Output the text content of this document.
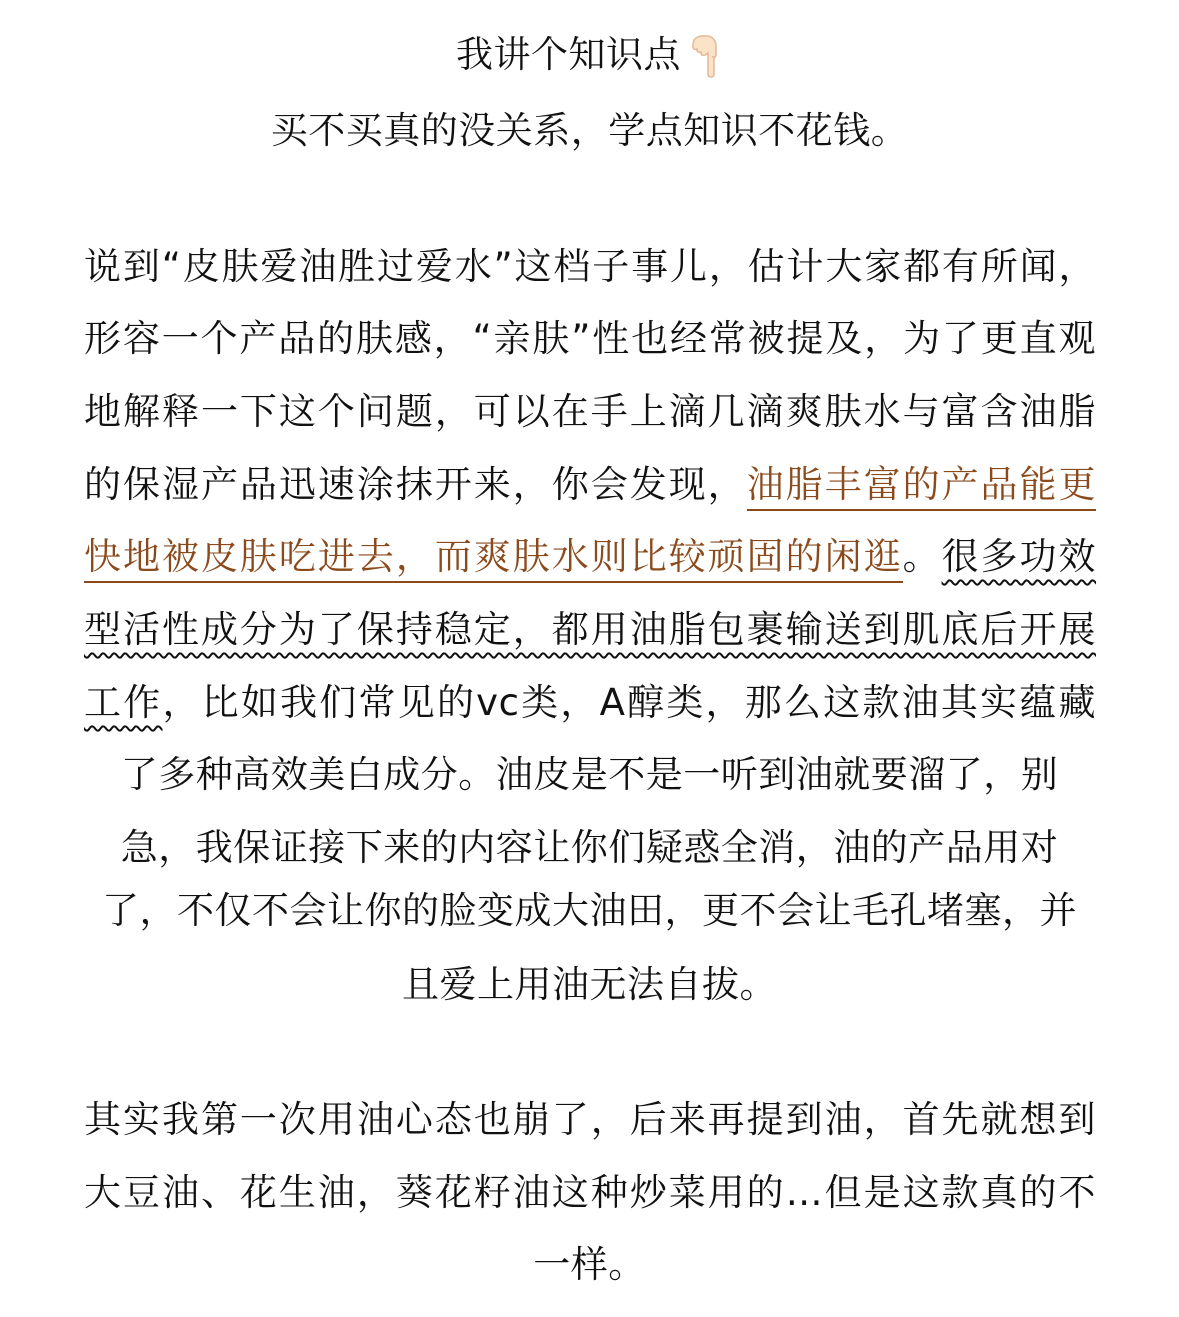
我讲个知识点
买不买真的没关系，学点知识不花钱。
说到“皮肤爱油胜过爱水”这档子事儿，估计大家都有所闻，
形容一个产品的肤感，“亲肤”性也经常被提及，为了更直观
地解释一下这个问题，可以在手上滴几滴爽肤水与富含油脂
的保湿产品迅速涂抹开来，你会发现，油脂丰富的产品能更
快地被皮肤吃进去，而爽肤水则比较顽固的闲逛。很多功效
型活性成分为了保持稳定，都用油脂包裹输送到肌底后开展
工作，比如我们常见的vc类，A醇类，那么这款油其实蕴藏
了多种高效美白成分。油皮是不是一听到油就要溜了，别
急，我保证接下来的内容让你们疑惑全消，油的产品用对
了，不仅不会让你的脸变成大油田，更不会让毛孔堵塞，并
且爱上用油无法自拔。
其实我第一次用油心态也崩了，后来再提到油，首先就想到
大豆油、花生油，葵花籽油这种炒菜用的…但是这款真的不
一样。
